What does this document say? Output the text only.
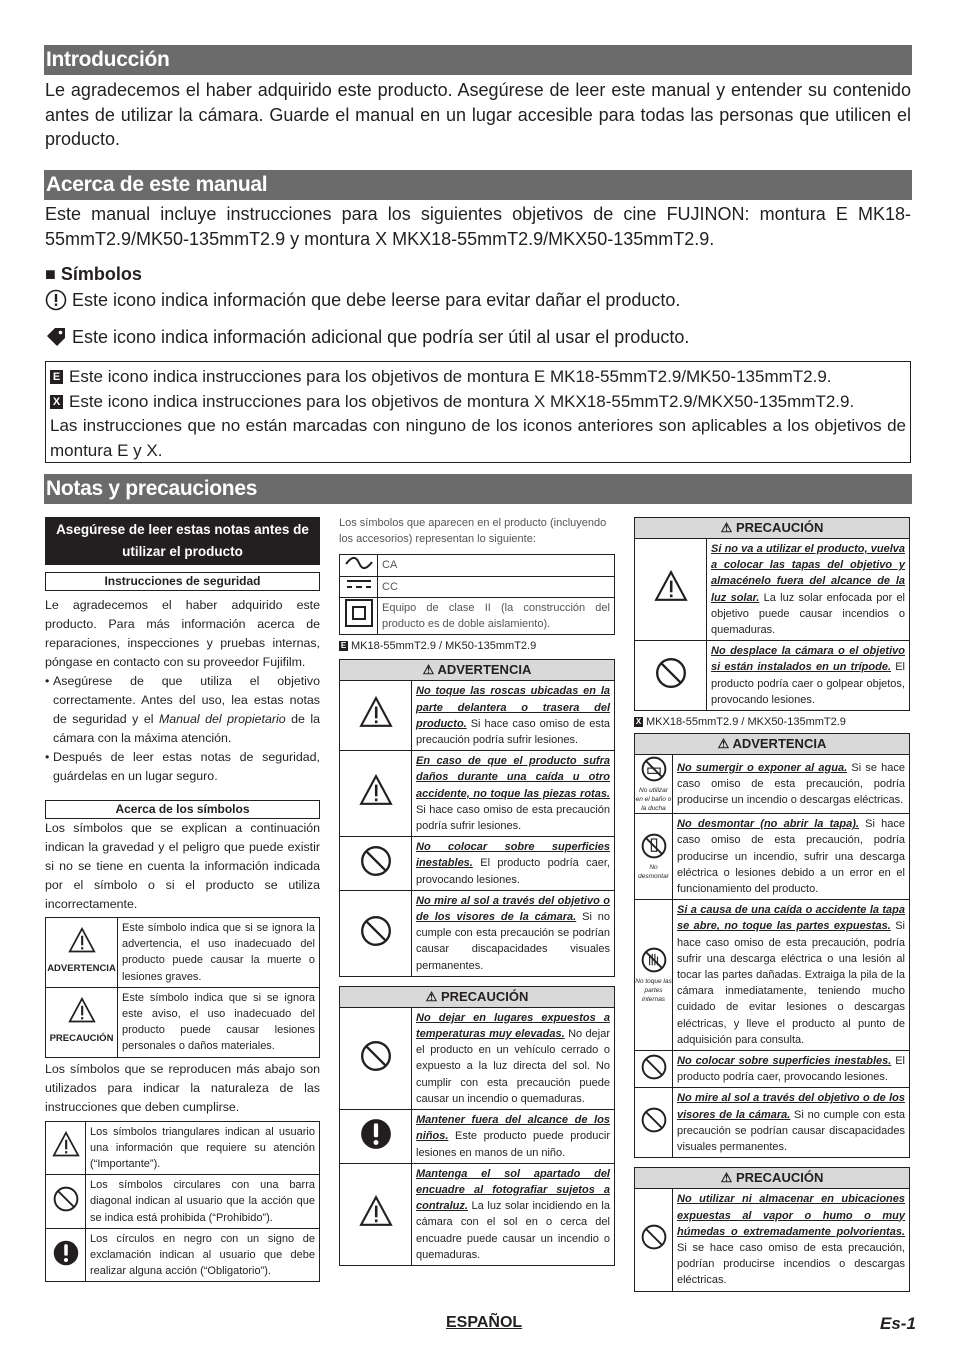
Introducción
Le agradecemos el haber adquirido este producto. Asegúrese de leer este manual y entender su contenido antes de utilizar la cámara. Guarde el manual en un lugar accesible para todas las personas que utilicen el producto.
Acerca de este manual
Este manual incluye instrucciones para los siguientes objetivos de cine FUJINON: montura E MK18-55mmT2.9/MK50-135mmT2.9 y montura X MKX18-55mmT2.9/MKX50-135mmT2.9.
■ Símbolos
Este icono indica información que debe leerse para evitar dañar el producto.
Este icono indica información adicional que podría ser útil al usar el producto.
E Este icono indica instrucciones para los objetivos de montura E MK18-55mmT2.9/MK50-135mmT2.9.
X Este icono indica instrucciones para los objetivos de montura X MKX18-55mmT2.9/MKX50-135mmT2.9.
Las instrucciones que no están marcadas con ninguno de los iconos anteriores son aplicables a los objetivos de montura E y X.
Notas y precauciones
Asegúrese de leer estas notas antes de utilizar el producto
Instrucciones de seguridad
Le agradecemos el haber adquirido este producto. Para más información acerca de reparaciones, inspecciones y pruebas internas, póngase en contacto con su proveedor Fujifilm.
• Asegúrese de que utiliza el objetivo correctamente. Antes del uso, lea estas notas de seguridad y el Manual del propietario de la cámara con la máxima atención.
• Después de leer estas notas de seguridad, guárdelas en un lugar seguro.
Acerca de los símbolos
Los símbolos que se explican a continuación indican la gravedad y el peligro que puede existir si no se tiene en cuenta la información indicada por el símbolo o si el producto se utiliza incorrectamente.
ADVERTENCIA	Este símbolo indica que si se ignora la advertencia, el uso inadecuado del producto puede causar la muerte o lesiones graves.

PRECAUCIÓN	Este símbolo indica que si se ignora este aviso, el uso inadecuado del producto puede causar lesiones personales o daños materiales.
Los símbolos que se reproducen más abajo son utilizados para indicar la naturaleza de las instrucciones que deben cumplirse.
	Los símbolos triangulares indican al usuario una información que requiere su atención (“Importante”).
	Los símbolos circulares con una barra diagonal indican al usuario que la acción que se indica está prohibida (“Prohibido”).
	Los círculos en negro con un signo de exclamación indican al usuario que debe realizar alguna acción (“Obligatorio”).
Los símbolos que aparecen en el producto (incluyendo los accesorios) representan lo siguiente:
	CA
	CC
	Equipo de clase II (la construcción del producto es de doble aislamiento).
E MK18-55mmT2.9 / MK50-135mmT2.9
⚠ ADVERTENCIA	
	No toque las roscas ubicadas en la parte delantera o trasera del producto. Si hace caso omiso de esta precaución podría sufrir lesiones.
	En caso de que el producto sufra daños durante una caída u otro accidente, no toque las piezas rotas. Si hace caso omiso de esta precaución podría sufrir lesiones.
	No colocar sobre superficies inestables. El producto podría caer, provocando lesiones.
	No mire al sol a través del objetivo o de los visores de la cámara. Si no cumple con esta precaución se podrían causar discapacidades visuales permanentes.
⚠ PRECAUCIÓN	
	No dejar en lugares expuestos a temperaturas muy elevadas. No dejar el producto en un vehículo cerrado o expuesto a la luz directa del sol. No cumplir con esta precaución puede causar un incendio o quemaduras.
	Mantener fuera del alcance de los niños. Este producto puede producir lesiones en manos de un niño.
	Mantenga el sol apartado del encuadre al fotografiar sujetos a contraluz. La luz solar incidiendo en la cámara con el sol en o cerca del encuadre puede causar un incendio o quemaduras.
⚠ PRECAUCIÓN	
	Si no va a utilizar el producto, vuelva a colocar las tapas del objetivo y almacénelo fuera del alcance de la luz solar. La luz solar enfocada por el objetivo puede causar incendios o quemaduras.
	No desplace la cámara o el objetivo si están instalados en un trípode. El producto podría caer o golpear objetos, provocando lesiones.
X MKX18-55mmT2.9 / MKX50-135mmT2.9
⚠ ADVERTENCIA	

No utilizar en el baño o la ducha	No sumergir o exponer al agua. Si se hace caso omiso de esta precaución, podría producirse un incendio o descargas eléctricas.

No desmontar	No desmontar (no abrir la tapa). Si hace caso omiso de esta precaución, podría producirse un incendio, sufrir una descarga eléctrica o lesiones debido a un error en el funcionamiento del producto.

No toque las partes internas	Si a causa de una caída o accidente la tapa se abre, no toque las partes expuestas. Si hace caso omiso de esta precaución, podría sufrir una descarga eléctrica o una lesión al tocar las partes dañadas. Extraiga la pila de la cámara inmediatamente, teniendo mucho cuidado de evitar lesiones o descargas eléctricas, y lleve el producto al punto de adquisición para consulta.
	No colocar sobre superficies inestables. El producto podría caer, provocando lesiones.
	No mire al sol a través del objetivo o de los visores de la cámara. Si no cumple con esta precaución se podrían causar discapacidades visuales permanentes.
⚠ PRECAUCIÓN
	No utilizar ni almacenar en ubicaciones expuestas al vapor o humo o muy húmedas o extremadamente polvorientas. Si se hace caso omiso de esta precaución, podrían producirse incendios o descargas eléctricas.
ESPAÑOL	Es-1
